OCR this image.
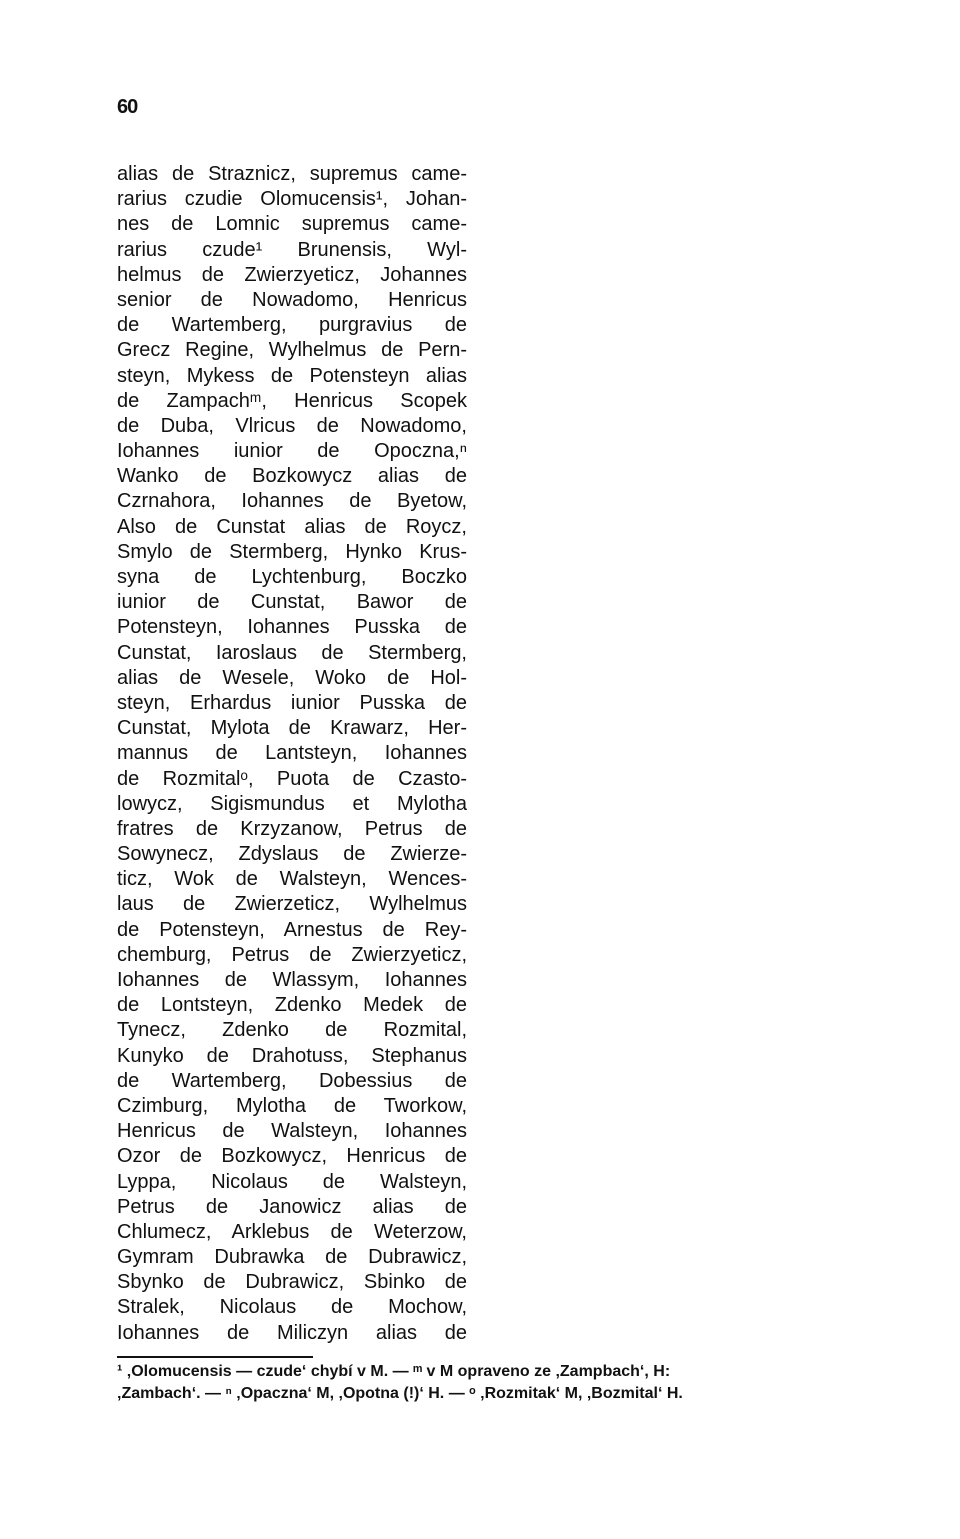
60
alias de Straznicz, supremus came-
rarius czudie Olomucensis¹, Johan-
nes de Lomnic supremus came-
rarius czude¹ Brunensis, Wyl-
helmus de Zwierzyeticz, Johannes
senior de Nowadomo, Henricus
de Wartemberg, purgravius de
Grecz Regine, Wylhelmus de Pern-
steyn, Mykess de Potensteyn alias
de Zampachᵐ, Henricus Scopek
de Duba, Vlricus de Nowadomo,
Iohannes iunior de Opoczna,ⁿ
Wanko de Bozkowycz alias de
Czrnahora, Iohannes de Byetow,
Also de Cunstat alias de Roycz,
Smylo de Stermberg, Hynko Krus-
syna de Lychtenburg, Boczko
iunior de Cunstat, Bawor de
Potensteyn, Iohannes Pusska de
Cunstat, Iaroslaus de Stermberg,
alias de Wesele, Woko de Hol-
steyn, Erhardus iunior Pusska de
Cunstat, Mylota de Krawarz, Her-
mannus de Lantsteyn, Iohannes
de Rozmitalᵒ, Puota de Czasto-
lowycz, Sigismundus et Mylotha
fratres de Krzyzanow, Petrus de
Sowynecz, Zdyslaus de Zwierze-
ticz, Wok de Walsteyn, Wences-
laus de Zwierzeticz, Wylhelmus
de Potensteyn, Arnestus de Rey-
chemburg, Petrus de Zwierzyeticz,
Iohannes de Wlassym, Iohannes
de Lontsteyn, Zdenko Medek de
Tynecz, Zdenko de Rozmital,
Kunyko de Drahotuss, Stephanus
de Wartemberg, Dobessius de
Czimburg, Mylotha de Tworkow,
Henricus de Walsteyn, Iohannes
Ozor de Bozkowycz, Henricus de
Lyppa, Nicolaus de Walsteyn,
Petrus de Janowicz alias de
Chlumecz, Arklebus de Weterzow,
Gymram Dubrawka de Dubrawicz,
Sbynko de Dubrawicz, Sbinko de
Stralek, Nicolaus de Mochow,
Iohannes de Miliczyn alias de
¹ ‚Olomucensis — czude‘ chybí v M. — ᵐ v M opraveno ze ‚Zampbach‘, H:
‚Zambach‘. — ⁿ ‚Opaczna‘ M, ‚Opotna (!)‘ H. — ᵒ ‚Rozmitak‘ M, ‚Bozmital‘ H.
